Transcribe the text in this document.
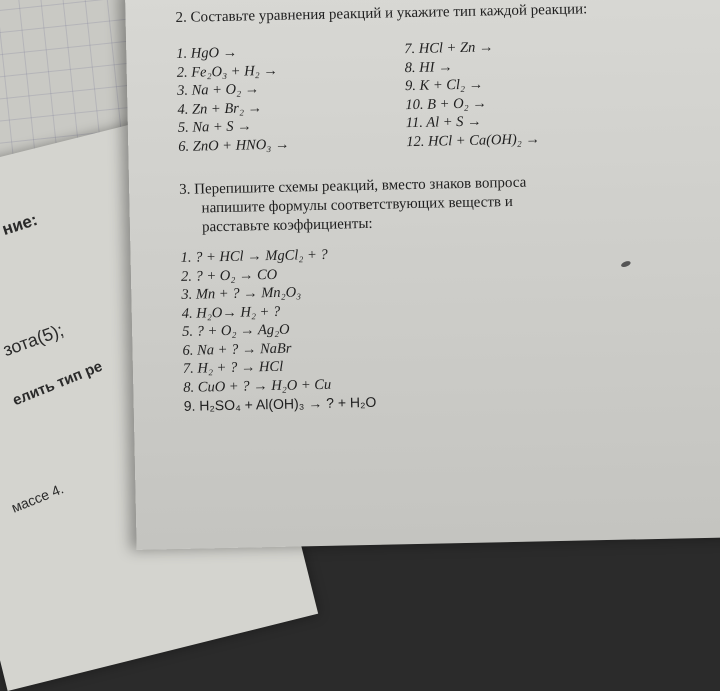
ние:
зота(5);
елить тип ре
массе 4.

2. Составьте уравнения реакций и укажите тип каждой реакции:

1. HgO →
2. Fe₂O₃ + H₂ →
3. Na + O₂ →
4. Zn + Br₂ →
5. Na + S →
6. ZnO + HNO₃ →
7. HCl + Zn →
8. HI →
9. K + Cl₂ →
10. B + O₂ →
11. Al + S →
12. HCl + Ca(OH)₂ →

3. Перепишите схемы реакций, вместо знаков вопроса

напишите формулы соответствующих веществ и

расставьте коэффициенты:

1. ? + HCl → MgCl₂ + ?
2. ? + O₂ → CO
3. Mn + ? → Mn₂O₃
4. H₂O→ H₂ + ?
5. ? + O₂ → Ag₂O
6. Na + ? → NaBr
7. H₂ + ? → HCl
8. CuO + ? → H₂O + Cu
9. H₂SO₄ + Al(OH)₃ → ? + H₂O
